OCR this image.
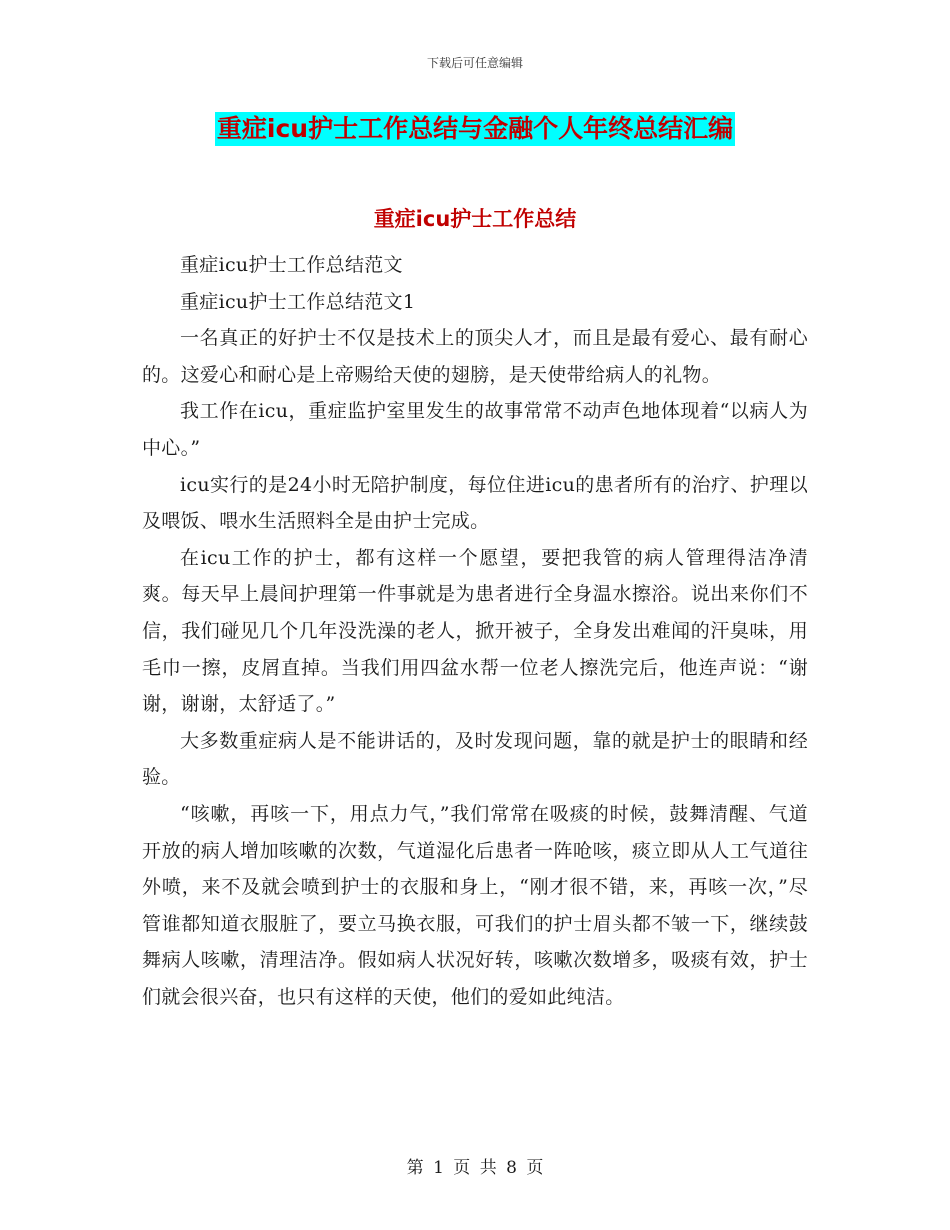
下载后可任意编辑
重症icu护士工作总结与金融个人年终总结汇编
重症icu护士工作总结

重症icu护士工作总结范文

重症icu护士工作总结范文1

一名真正的好护士不仅是技术上的顶尖人才，而且是最有爱心、最有耐心的。这爱心和耐心是上帝赐给天使的翅膀，是天使带给病人的礼物。

我工作在icu，重症监护室里发生的故事常常不动声色地体现着“以病人为中心。”

icu实行的是24小时无陪护制度，每位住进icu的患者所有的治疗、护理以及喂饭、喂水生活照料全是由护士完成。

在icu工作的护士，都有这样一个愿望，要把我管的病人管理得洁净清爽。每天早上晨间护理第一件事就是为患者进行全身温水擦浴。说出来你们不信，我们碰见几个几年没洗澡的老人，掀开被子，全身发出难闻的汗臭味，用毛巾一擦，皮屑直掉。当我们用四盆水帮一位老人擦洗完后，他连声说：“谢谢，谢谢，太舒适了。”

大多数重症病人是不能讲话的，及时发现问题，靠的就是护士的眼睛和经验。

“咳嗽，再咳一下，用点力气，”我们常常在吸痰的时候，鼓舞清醒、气道开放的病人增加咳嗽的次数，气道湿化后患者一阵呛咳，痰立即从人工气道往外喷，来不及就会喷到护士的衣服和身上，“刚才很不错，来，再咳一次，”尽管谁都知道衣服脏了，要立马换衣服，可我们的护士眉头都不皱一下，继续鼓舞病人咳嗽，清理洁净。假如病人状况好转，咳嗽次数增多，吸痰有效，护士们就会很兴奋，也只有这样的天使，他们的爱如此纯洁。

第 1 页 共 8 页
